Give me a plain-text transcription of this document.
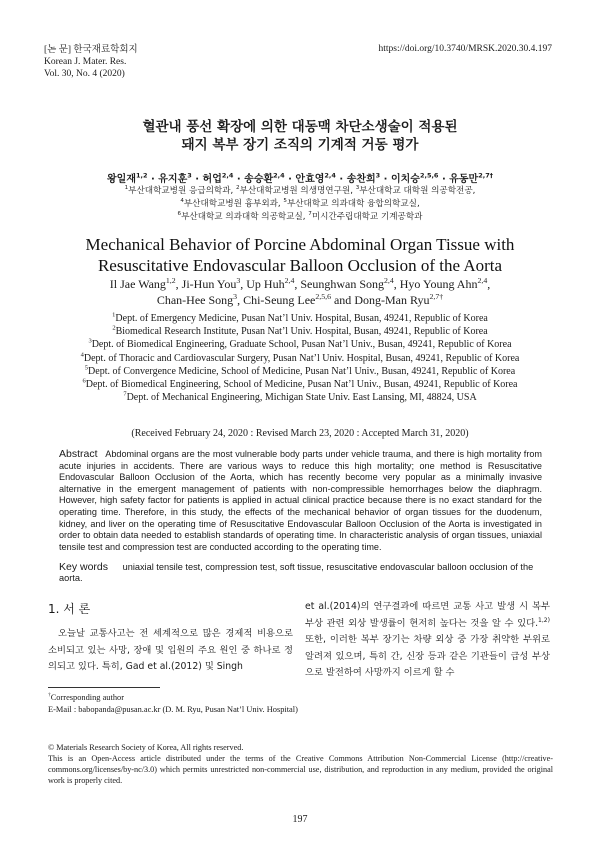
[논 문] 한국재료학회지
Korean J. Mater. Res.
Vol. 30, No. 4 (2020)
https://doi.org/10.3740/MRSK.2020.30.4.197
혈관내 풍선 확장에 의한 대동맥 차단소생술이 적용된
돼지 복부 장기 조직의 기계적 거동 평가
왕일재$^{1,2}$ · 유지훈$^3$ · 허업$^{2,4}$ · 송승환$^{2,4}$ · 안효영$^{2,4}$ · 송찬희$^3$ · 이치승$^{2,5,6}$ · 유동만$^{2,7\dagger}$
$^1$부산대학교병원 응급의학과, $^2$부산대학교병원 의생명연구원, $^3$부산대학교 대학원 의공학전공,
$^4$부산대학교병원 흉부외과, $^5$부산대학교 의과대학 융합의학교실,
$^6$부산대학교 의과대학 의공학교실, $^7$미시간주립대학교 기계공학과
Mechanical Behavior of Porcine Abdominal Organ Tissue with
Resuscitative Endovascular Balloon Occlusion of the Aorta
Il Jae Wang$^{1,2}$, Ji-Hun You$^3$, Up Huh$^{2,4}$, Seunghwan Song$^{2,4}$, Hyo Young Ahn$^{2,4}$,
Chan-Hee Song$^3$, Chi-Seung Lee$^{2,5,6}$ and Dong-Man Ryu$^{2,7\dagger}$
$^1$Dept. of Emergency Medicine, Pusan Nat’l Univ. Hospital, Busan, 49241, Republic of Korea
$^2$Biomedical Research Institute, Pusan Nat’l Univ. Hospital, Busan, 49241, Republic of Korea
$^3$Dept. of Biomedical Engineering, Graduate School, Pusan Nat’l Univ., Busan, 49241, Republic of Korea
$^4$Dept. of Thoracic and Cardiovascular Surgery, Pusan Nat’l Univ. Hospital, Busan, 49241, Republic of Korea
$^5$Dept. of Convergence Medicine, School of Medicine, Pusan Nat’l Univ., Busan, 49241, Republic of Korea
$^6$Dept. of Biomedical Engineering, School of Medicine, Pusan Nat’l Univ., Busan, 49241, Republic of Korea
$^7$Dept. of Mechanical Engineering, Michigan State Univ. East Lansing, MI, 48824, USA
(Received February 24, 2020 : Revised March 23, 2020 : Accepted March 31, 2020)
Abstract Abdominal organs are the most vulnerable body parts under vehicle trauma, and there is high mortality from acute injuries in accidents. There are various ways to reduce this high mortality; one method is Resuscitative Endovascular Balloon Occlusion of the Aorta, which has recently become very popular as a minimally invasive alternative in the emergent management of patients with non-compressible hemorrhages below the diaphragm. However, high safety factor for patients is applied in actual clinical practice because there is no exact standard for the operating time. Therefore, in this study, the effects of the mechanical behavior of organ tissues for the duodenum, kidney, and liver on the operating time of Resuscitative Endovascular Balloon Occlusion of the Aorta is investigated in order to obtain data needed to establish standards of operating time. In characteristic analysis of organ tissues, uniaxial tensile test and compression test are conducted according to the operating time.
Key words uniaxial tensile test, compression test, soft tissue, resuscitative endovascular balloon occlusion of the aorta.
1. 서 론
오늘날 교통사고는 전 세계적으로 많은 경제적 비용으로 소비되고 있는 사망, 장애 및 입원의 주요 원인 중 하나로 정의되고 있다. 특히, Gad et al.(2012) 및 Singh
et al.(2014)의 연구결과에 따르면 교통 사고 발생 시 복부 부상 관련 외상 발생률이 현저히 높다는 것을 알 수 있다.$^{1,2)}$ 또한, 이러한 복부 장기는 차량 외상 중 가장 취약한 부위로 알려져 있으며, 특히 간, 신장 등과 같은 기관들이 급성 부상으로 발전하여 사망까지 이르게 할 수
†Corresponding author
E-Mail : babopanda@pusan.ac.kr (D. M. Ryu, Pusan Nat’l Univ. Hospital)
© Materials Research Society of Korea, All rights reserved.
This is an Open-Access article distributed under the terms of the Creative Commons Attribution Non-Commercial License (http://creative-commons.org/licenses/by-nc/3.0) which permits unrestricted non-commercial use, distribution, and reproduction in any medium, provided the original work is properly cited.
197
